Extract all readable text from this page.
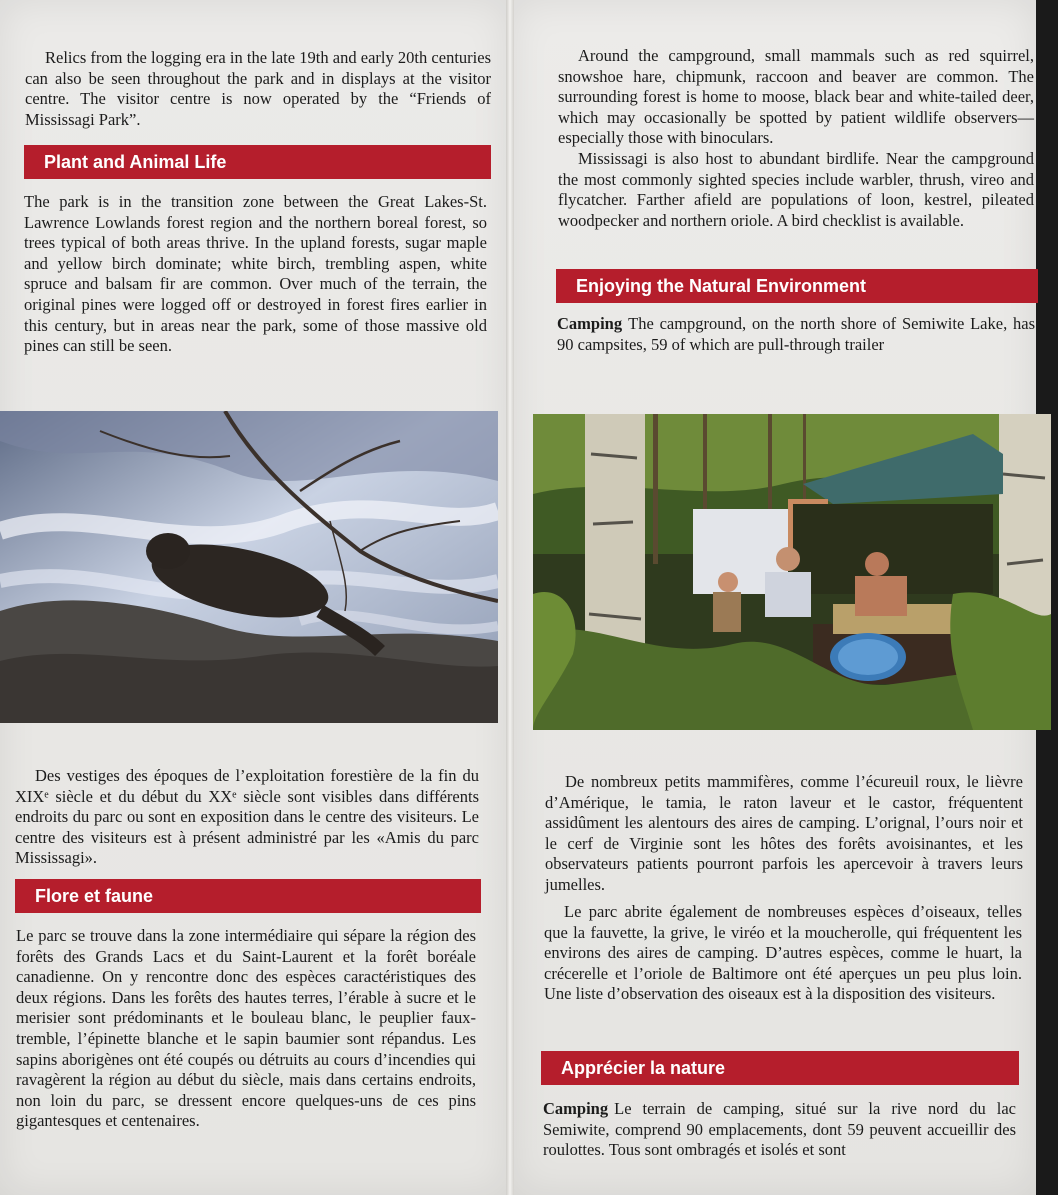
Relics from the logging era in the late 19th and early 20th centuries can also be seen throughout the park and in displays at the visitor centre. The visitor centre is now operated by the “Friends of Mississagi Park”.

Plant and Animal Life

The park is in the transition zone between the Great Lakes-St. Lawrence Lowlands forest region and the northern boreal forest, so trees typical of both areas thrive. In the upland forests, sugar maple and yellow birch dominate; white birch, trembling aspen, white spruce and balsam fir are common. Over much of the terrain, the original pines were logged off or destroyed in forest fires earlier in this century, but in areas near the park, some of those massive old pines can still be seen.

Des vestiges des époques de l’exploitation forestière de la fin du XIXᵉ siècle et du début du XXᵉ siècle sont visibles dans différents endroits du parc ou sont en exposition dans le centre des visiteurs. Le centre des visiteurs est à présent administré par les «Amis du parc Mississagi».

Flore et faune

Le parc se trouve dans la zone intermédiaire qui sépare la région des forêts des Grands Lacs et du Saint-Laurent et la forêt boréale canadienne. On y rencontre donc des espèces caractéristiques des deux régions. Dans les forêts des hautes terres, l’érable à sucre et le merisier sont prédominants et le bouleau blanc, le peuplier faux-tremble, l’épinette blanche et le sapin baumier sont répandus. Les sapins aborigènes ont été coupés ou détruits au cours d’incendies qui ravagèrent la région au début du siècle, mais dans certains endroits, non loin du parc, se dressent encore quelques-uns de ces pins gigantesques et centenaires.

Around the campground, small mammals such as red squirrel, snowshoe hare, chipmunk, raccoon and beaver are common. The surrounding forest is home to moose, black bear and white-tailed deer, which may occasionally be spotted by patient wildlife observers—especially those with binoculars.

Mississagi is also host to abundant birdlife. Near the campground the most commonly sighted species include warbler, thrush, vireo and flycatcher. Farther afield are populations of loon, kestrel, pileated woodpecker and northern oriole. A bird checklist is available.

Enjoying the Natural Environment

Camping The campground, on the north shore of Semiwite Lake, has 90 campsites, 59 of which are pull-through trailer

De nombreux petits mammifères, comme l’écureuil roux, le lièvre d’Amérique, le tamia, le raton laveur et le castor, fréquentent assidûment les alentours des aires de camping. L’orignal, l’ours noir et le cerf de Virginie sont les hôtes des forêts avoisinantes, et les observateurs patients pourront parfois les apercevoir à travers leurs jumelles.

Le parc abrite également de nombreuses espèces d’oiseaux, telles que la fauvette, la grive, le viréo et la moucherolle, qui fréquentent les environs des aires de camping. D’autres espèces, comme le huart, la crécerelle et l’oriole de Baltimore ont été aperçues un peu plus loin. Une liste d’observation des oiseaux est à la disposition des visiteurs.

Apprécier la nature

Camping Le terrain de camping, situé sur la rive nord du lac Semiwite, comprend 90 emplacements, dont 59 peuvent accueillir des roulottes. Tous sont ombragés et isolés et sont
